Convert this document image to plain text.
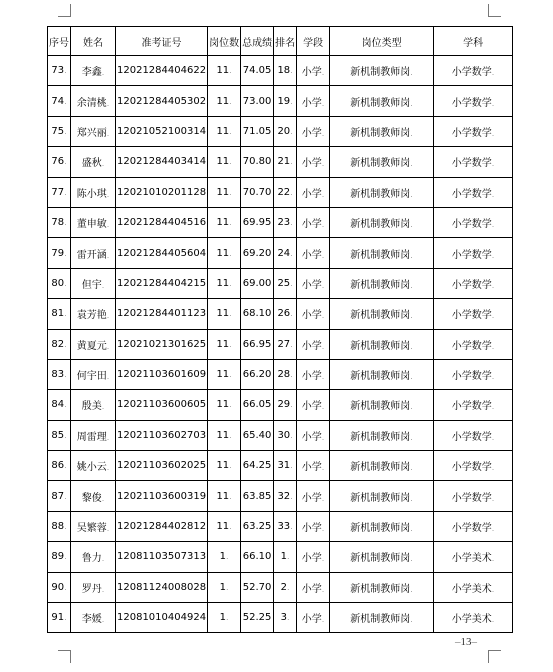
序号	姓名	准考证号	岗位数	总成绩	排名	学段	岗位类型	学科
73 .	李鑫 .	12021284404622	11 .	74.05	18 .	小学 .	新机制教师岗 .	小学数学 .
74 .	余清桃 .	12021284405302	11 .	73.00	19 .	小学 .	新机制教师岗 .	小学数学 .
75 .	郑兴丽 .	12021052100314	11 .	71.05	20 .	小学 .	新机制教师岗 .	小学数学 .
76 .	盛秋 .	12021284403414	11 .	70.80	21 .	小学 .	新机制教师岗 .	小学数学 .
77 .	陈小琪 .	12021010201128	11 .	70.70	22 .	小学 .	新机制教师岗 .	小学数学 .
78 .	董申敏 .	12021284404516	11 .	69.95	23 .	小学 .	新机制教师岗 .	小学数学 .
79 .	雷开涵 .	12021284405604	11 .	69.20	24 .	小学 .	新机制教师岗 .	小学数学 .
80 .	但宇 .	12021284404215	11 .	69.00	25 .	小学 .	新机制教师岗 .	小学数学 .
81 .	袁芳艳 .	12021284401123	11 .	68.10	26 .	小学 .	新机制教师岗 .	小学数学 .
82 .	黄夏元 .	12021021301625	11 .	66.95	27 .	小学 .	新机制教师岗 .	小学数学 .
83 .	何宇田 .	12021103601609	11 .	66.20	28 .	小学 .	新机制教师岗 .	小学数学 .
84 .	殷美 .	12021103600605	11 .	66.05	29 .	小学 .	新机制教师岗 .	小学数学 .
85 .	周雷理 .	12021103602703	11 .	65.40	30 .	小学 .	新机制教师岗 .	小学数学 .
86 .	姚小云 .	12021103602025	11 .	64.25	31 .	小学 .	新机制教师岗 .	小学数学 .
87 .	黎俊 .	12021103600319	11 .	63.85	32 .	小学 .	新机制教师岗 .	小学数学 .
88 .	吴繁蓉 .	12021284402812	11 .	63.25	33 .	小学 .	新机制教师岗 .	小学数学 .
89 .	鲁力 .	12081103507313	1 .	66.10	1 .	小学 .	新机制教师岗 .	小学美术 .
90 .	罗丹 .	12081124008028	1 .	52.70	2 .	小学 .	新机制教师岗 .	小学美术 .
91 .	李媛 .	12081010404924	1 .	52.25	3 .	小学 .	新机制教师岗 .	小学美术 .
‒ 13 ‒
